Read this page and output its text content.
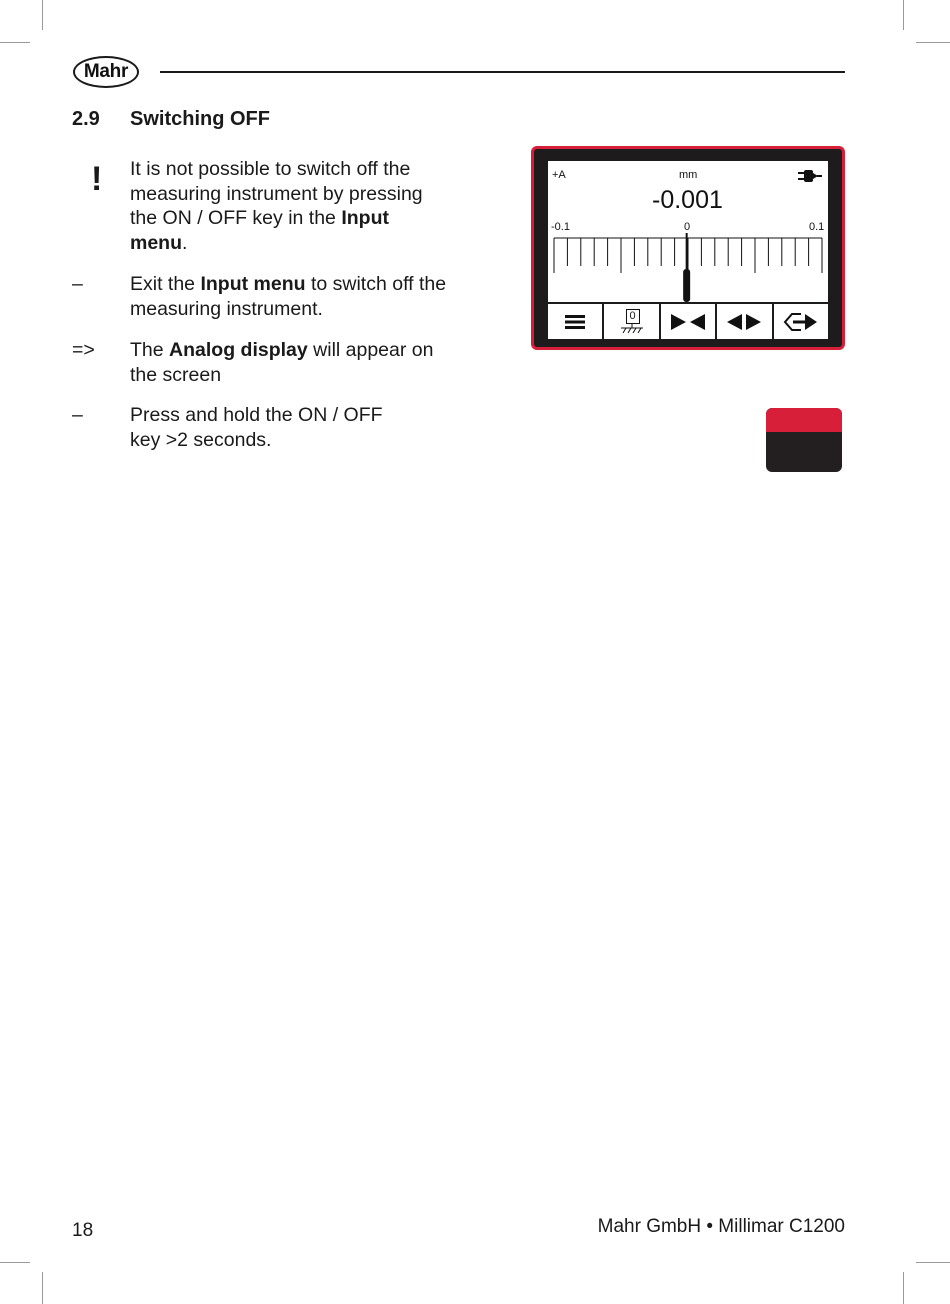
Mahr
2.9 Switching OFF
! It is not possible to switch off the measuring instrument by pressing the ON / OFF key in the Input menu.
– Exit the Input menu to switch off the measuring instrument.
=> The Analog display will appear on the screen
– Press and hold the ON / OFF key >2 seconds.
+A	mm
-0.001
-0.1	0	0.1
0
18	Mahr GmbH • Millimar C1200
